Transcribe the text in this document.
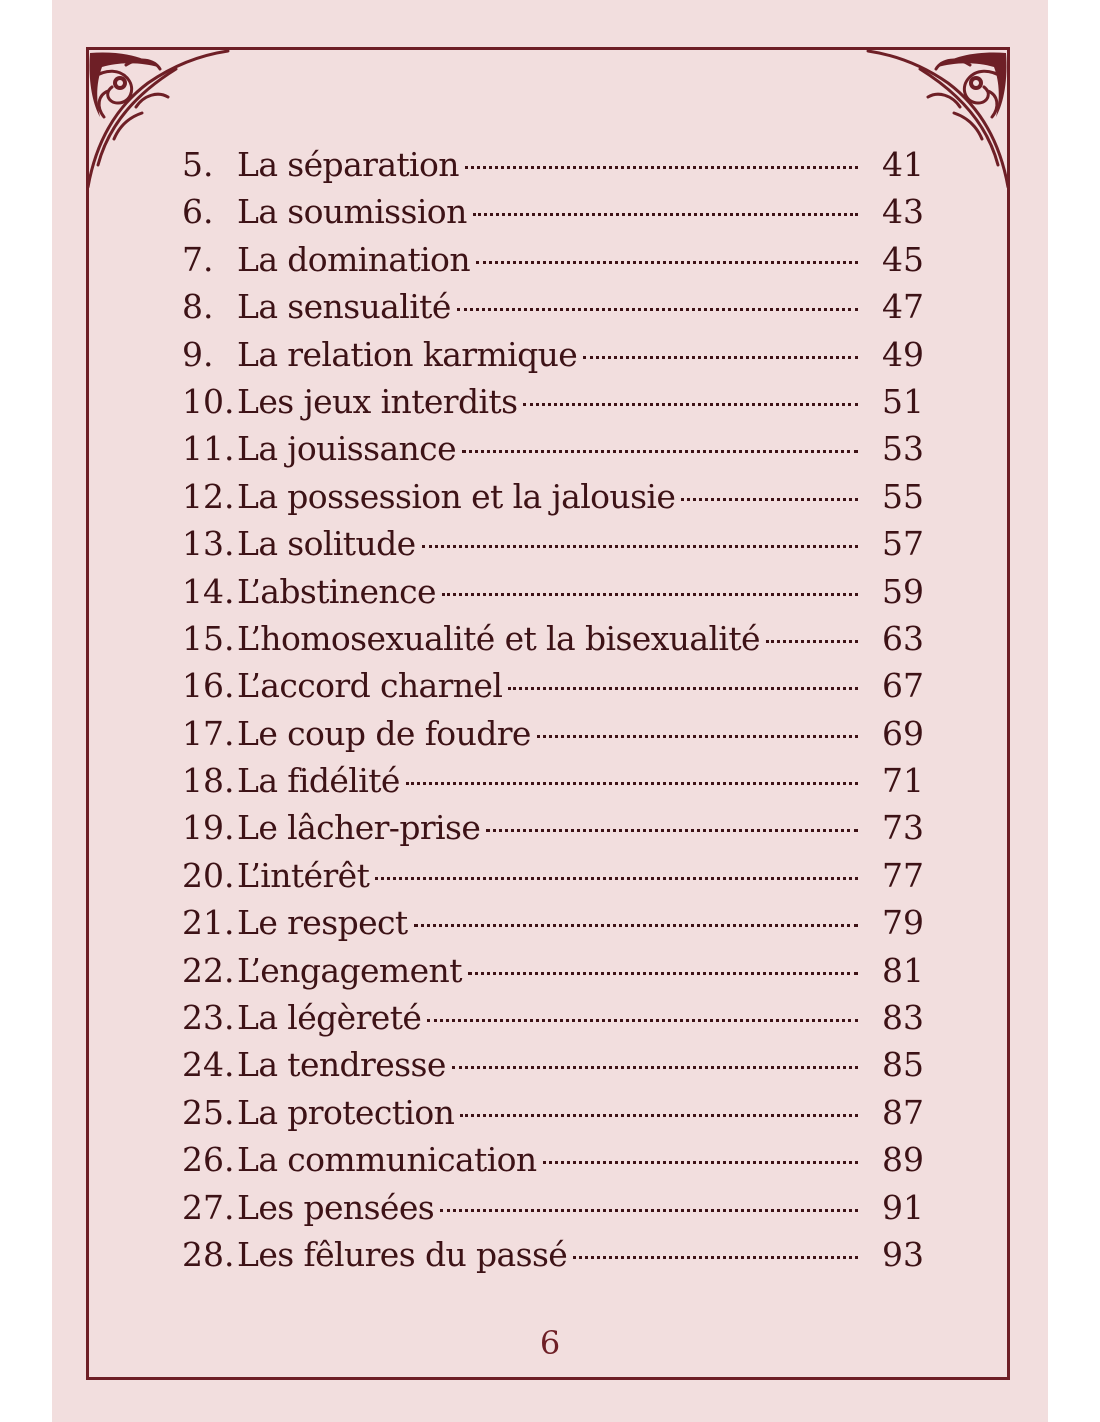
5. La séparation	41
6. La soumission	43
7. La domination	45
8. La sensualité	47
9. La relation karmique	49
10. Les jeux interdits	51
11. La jouissance	53
12. La possession et la jalousie	55
13. La solitude	57
14. L’abstinence	59
15. L’homosexualité et la bisexualité	63
16. L’accord charnel	67
17. Le coup de foudre	69
18. La fidélité	71
19. Le lâcher-prise	73
20. L’intérêt	77
21. Le respect	79
22. L’engagement	81
23. La légèreté	83
24. La tendresse	85
25. La protection	87
26. La communication	89
27. Les pensées	91
28. Les fêlures du passé	93
6
